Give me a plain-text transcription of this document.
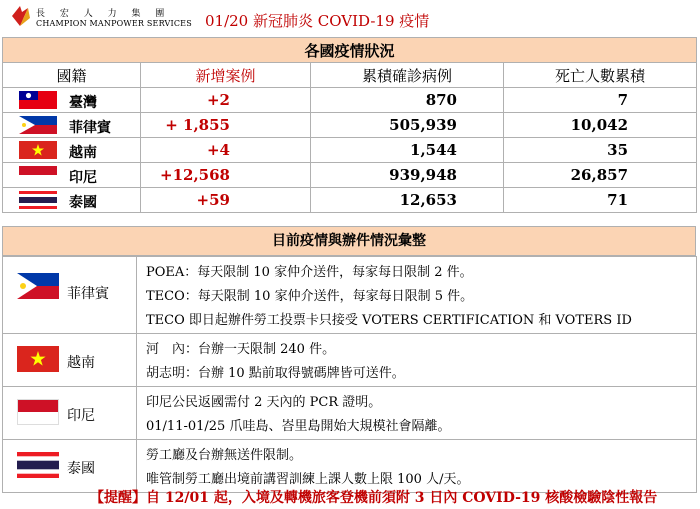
長 宏 人 力 集 團
CHAMPION MANPOWER SERVICES 01/20 新冠肺炎 COVID-19 疫情
各國疫情狀況			
國籍	新增案例	累積確診病例	死亡人數累積

臺灣	+2	870	7

菲律賓	+ 1,855	505,939	10,042

越南	+4	1,544	35

印尼	+12,568	939,948	26,857

泰國	+59	12,653	71
目前疫情與辦件情況彙整
菲律賓	POEA：每天限制 10 家仲介送件，每家每日限制 2 件。
TECO：每天限制 10 家仲介送件，每家每日限制 5 件。
TECO 即日起辦件勞工投票卡只接受 VOTERS CERTIFICATION 和 VOTERS ID

越南	河　內：台辦一天限制 240 件。
胡志明：台辦 10 點前取得號碼牌皆可送件。

印尼	印尼公民返國需付 2 天內的 PCR 證明。
01/11-01/25 爪哇島、峇里島開始大規模社會隔離。

泰國	勞工廳及台辦無送件限制。
唯管制勞工廳出境前講習訓練上課人數上限 100 人/天。
【提醒】自 12/01 起，入境及轉機旅客登機前須附 3 日內 COVID-19 核酸檢驗陰性報告
